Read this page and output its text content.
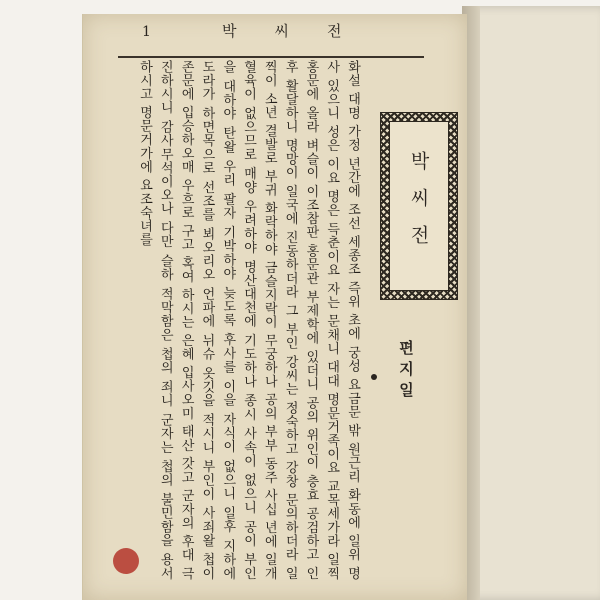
1	박씨전
화설 대명 가정 년간에 조선 세종조 즉위 초에 궁성 요금문 밖 원근리 화동에 일위 명사 있으니 성은 이요 명은 득춘이요 자는 문채니 대대 명문거족이요 교목세가라 일찍 홍문에 올라 벼슬이 이조참판 홍문관 부제학에 있더니 공의 위인이 충효 공검하고 인후 활달하니 명망이 일국에 진동하더라 그 부인 강씨는 정숙하고 강창 문의하더라 일찍이 소년 결발로 부귀 화락하야 금슬지락이 무궁하나 공의 부부 동주 사십 년에 일개 혈육이 없으므로 매양 우려하야 명산대천에 기도하나 종시 사속이 없으니 공이 부인을 대하야 탄왈 우리 팔자 기박하야 늦도록 후사를 이을 자식이 없으니 일후 지하에 도라가 하면목으로 선조를 뵈오리오 언파에 뉘슈 옷깃을 적시니 부인이 사죄왈 첩이 존문에 입승하오매 우흐로 구고 혹여 하시는 은혜 입사오미 태산 갓고 군자의 후대 극진하시니 감사무석이오나 다만 슬하 적막함은 첩의 죄니 군자는 첩의 불민함을 용서하시고 명문거가에 요조숙녀를	박씨전
편지일
